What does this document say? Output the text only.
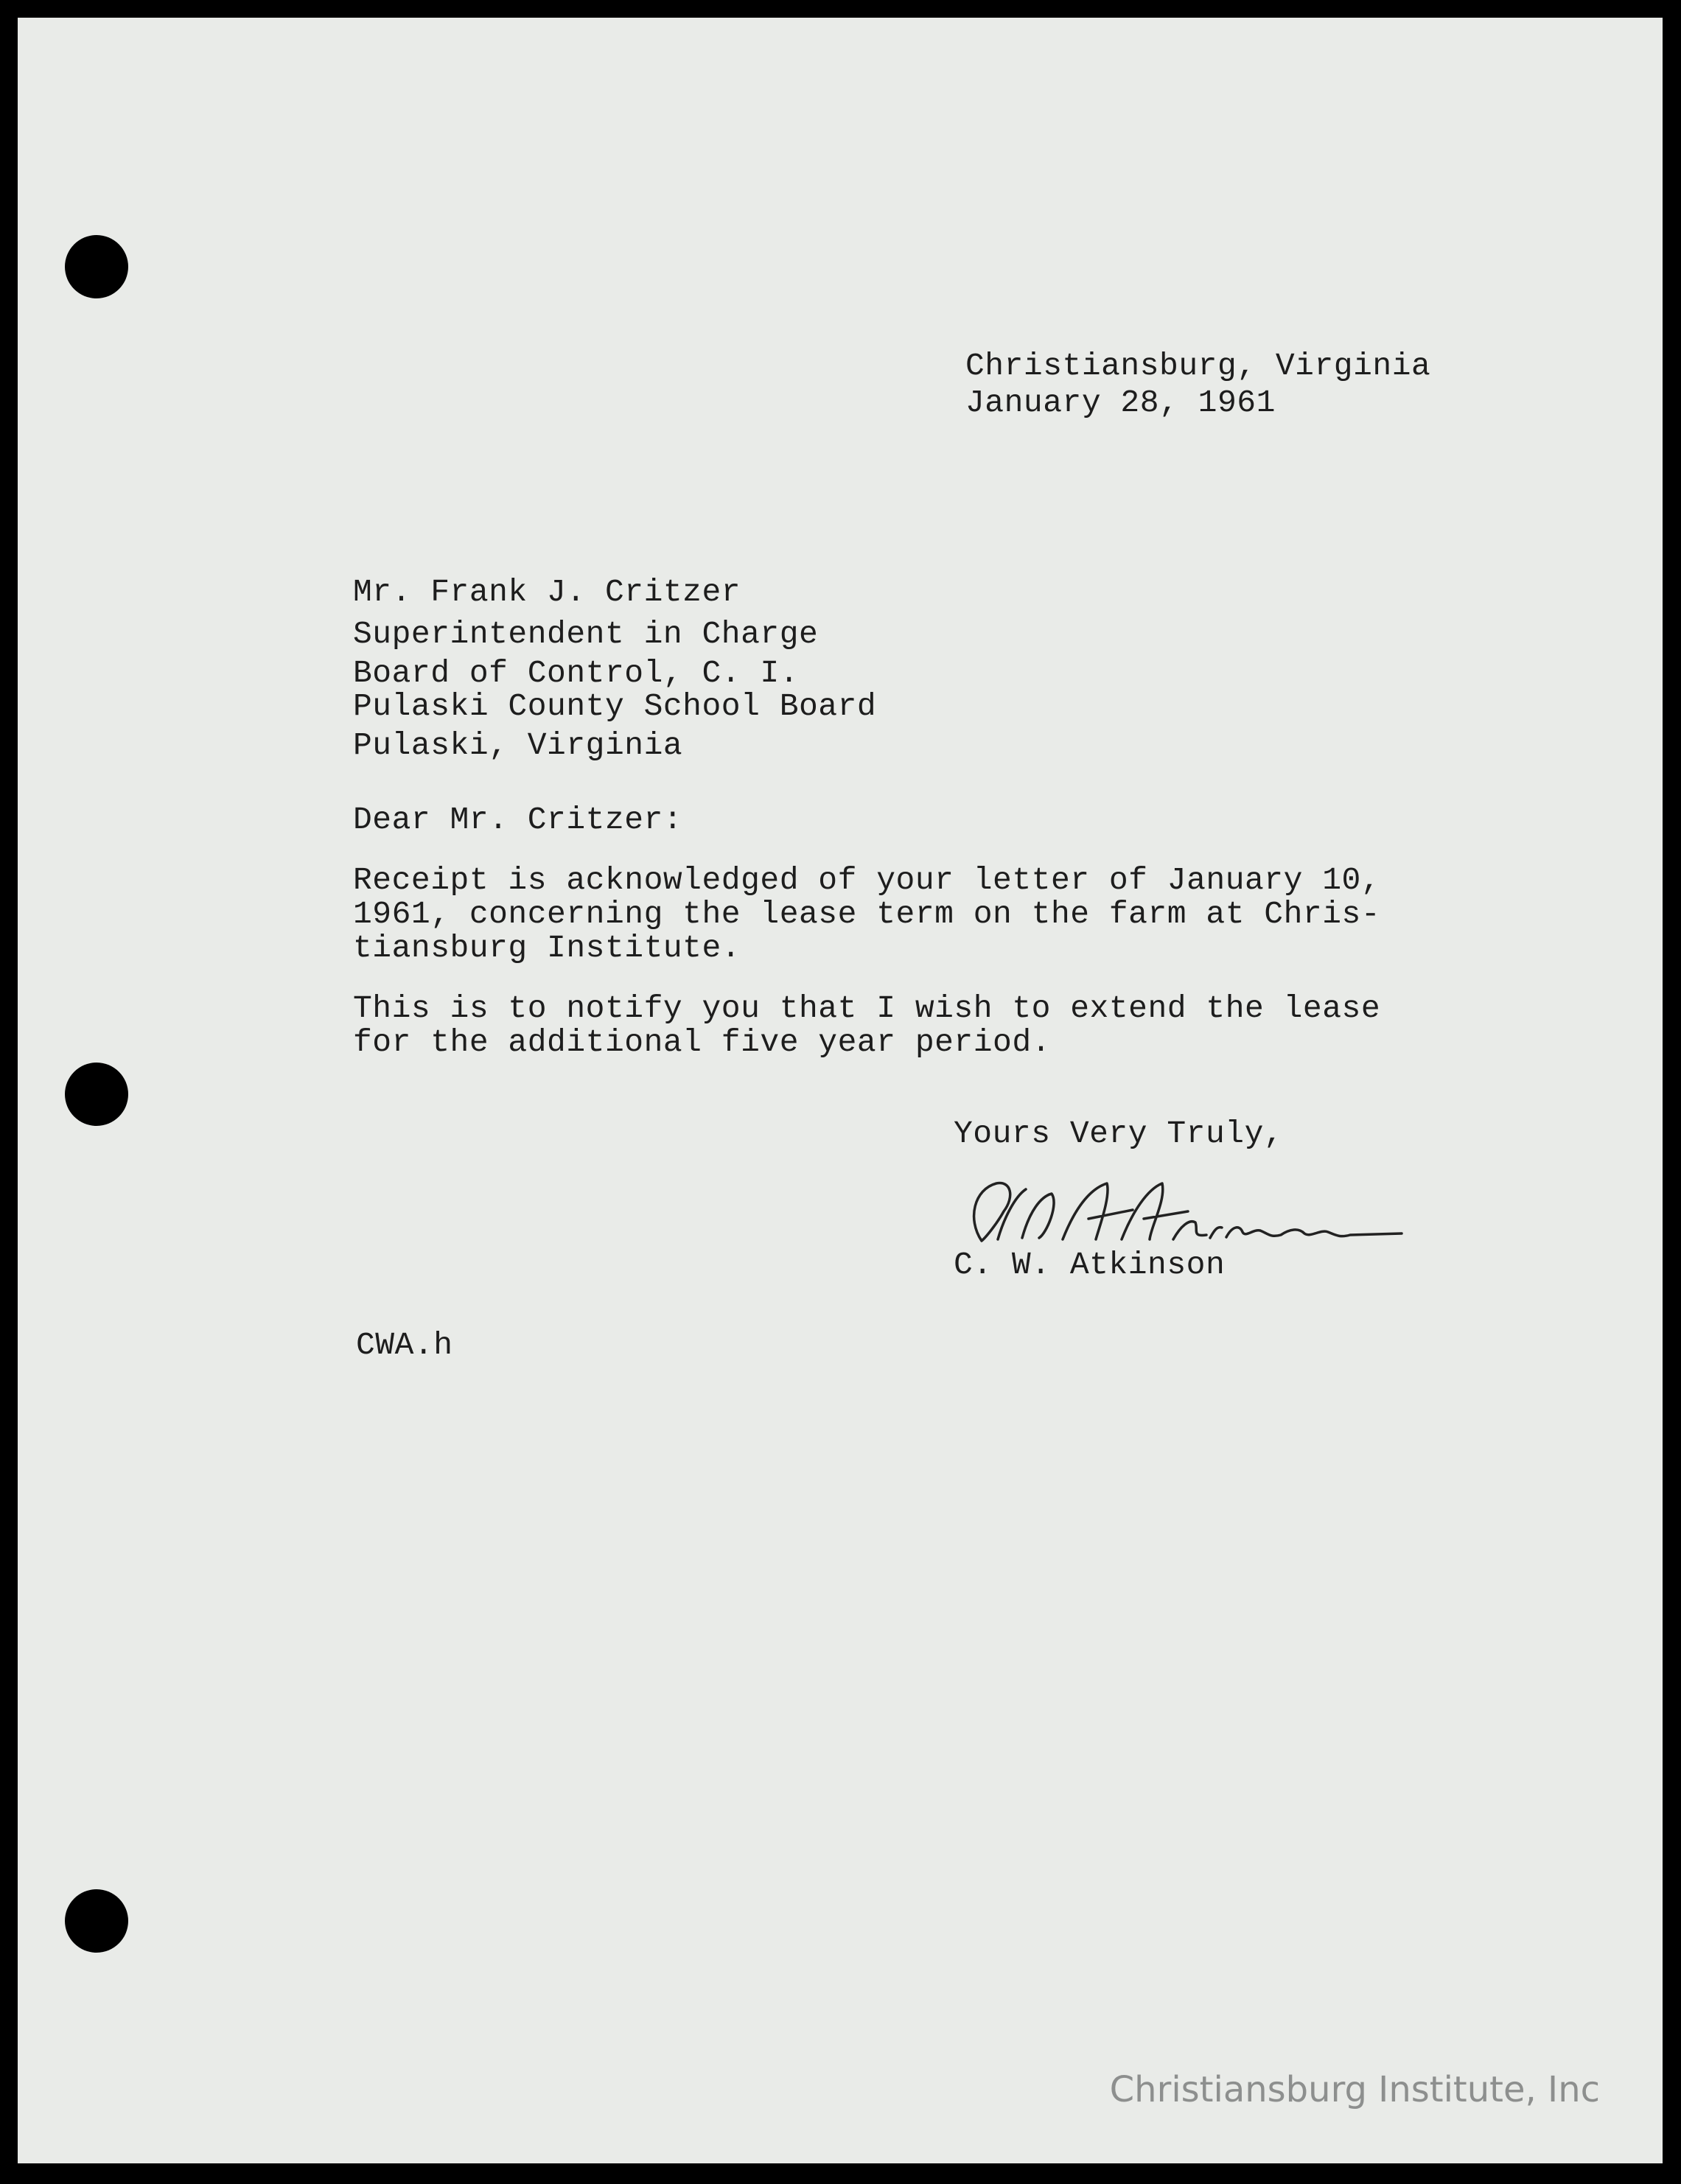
Christiansburg, Virginia
January 28, 1961
Mr. Frank J. Critzer
Superintendent in Charge
Board of Control, C. I.
Pulaski County School Board
Pulaski, Virginia
Dear Mr. Critzer:
Receipt is acknowledged of your letter of January 10,
1961, concerning the lease term on the farm at Chris-
tiansburg Institute.
This is to notify you that I wish to extend the lease
for the additional five year period.
Yours Very Truly,
C. W. Atkinson
CWA.h
Christiansburg Institute, Inc
